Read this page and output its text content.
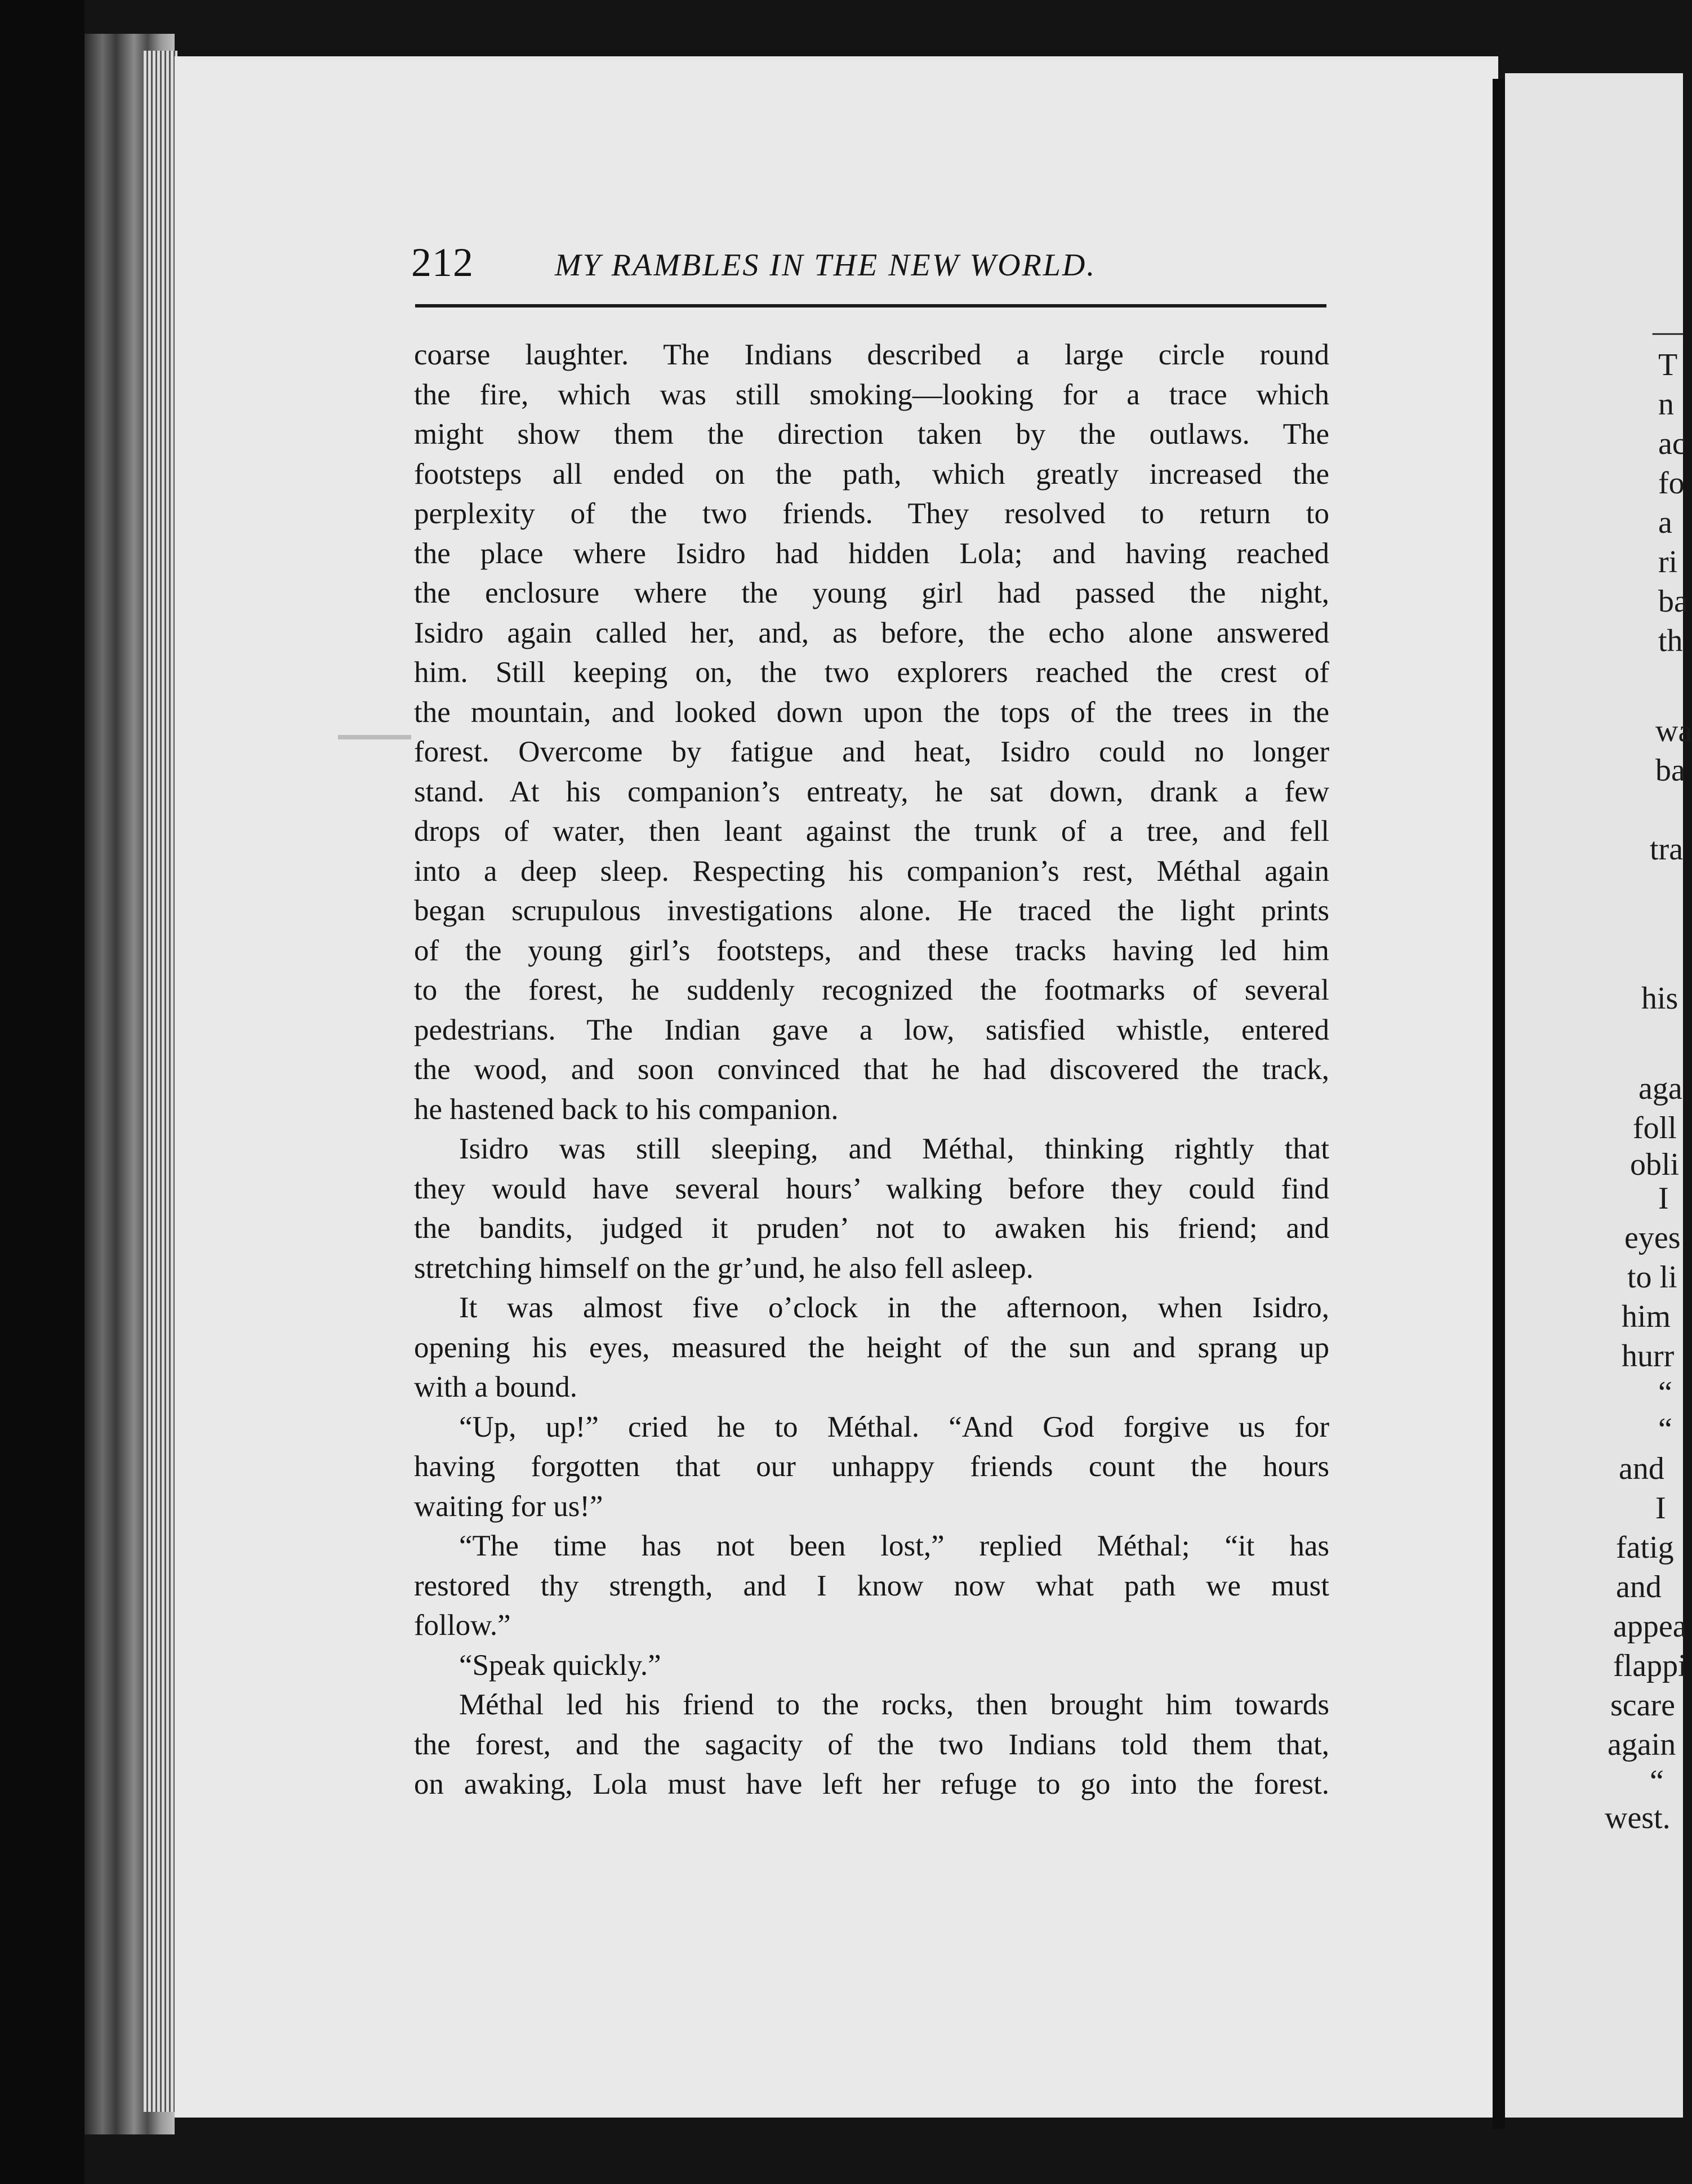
212	MY RAMBLES IN THE NEW WORLD.
coarse laughter. The Indians described a large circle round
the fire, which was still smoking—looking for a trace which
might show them the direction taken by the outlaws. The
footsteps all ended on the path, which greatly increased the
perplexity of the two friends. They resolved to return to
the place where Isidro had hidden Lola; and having reached
the enclosure where the young girl had passed the night,
Isidro again called her, and, as before, the echo alone answered
him. Still keeping on, the two explorers reached the crest of
the mountain, and looked down upon the tops of the trees in the
forest. Overcome by fatigue and heat, Isidro could no longer
stand. At his companion’s entreaty, he sat down, drank a few
drops of water, then leant against the trunk of a tree, and fell
into a deep sleep. Respecting his companion’s rest, Méthal again
began scrupulous investigations alone. He traced the light prints
of the young girl’s footsteps, and these tracks having led him
to the forest, he suddenly recognized the footmarks of several
pedestrians. The Indian gave a low, satisfied whistle, entered
the wood, and soon convinced that he had discovered the track,
he hastened back to his companion.
Isidro was still sleeping, and Méthal, thinking rightly that
they would have several hours’ walking before they could find
the bandits, judged it pruden’ not to awaken his friend; and
stretching himself on the gr’und, he also fell asleep.
It was almost five o’clock in the afternoon, when Isidro,
opening his eyes, measured the height of the sun and sprang up
with a bound.
“Up, up!” cried he to Méthal. “And God forgive us for
having forgotten that our unhappy friends count the hours
waiting for us!”
“The time has not been lost,” replied Méthal; “it has
restored thy strength, and I know now what path we must
follow.”
“Speak quickly.”
Méthal led his friend to the rocks, then brought him towards
the forest, and the sagacity of the two Indians told them that,
on awaking, Lola must have left her refuge to go into the forest.
—
T
n
ac
fo
a
ri
ba
th
wa
ba
tra
his
aga
foll
obli
I
eyes
to li
him
hurr
“
“
and
I
fatig
and
appea
flappi
scare
again
“
west.
